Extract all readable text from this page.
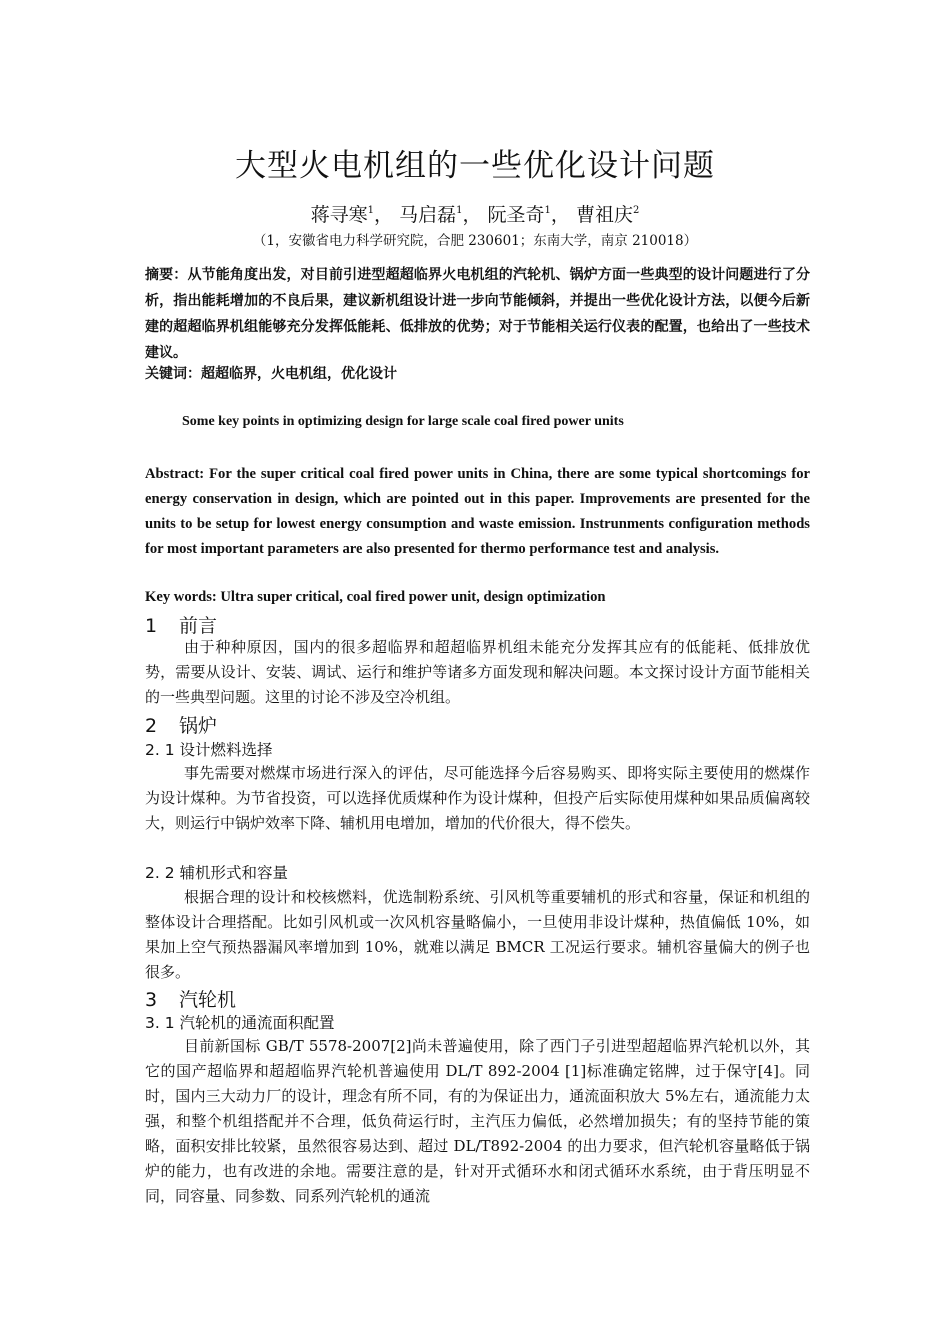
大型火电机组的一些优化设计问题
蒋寻寒$^1$， 马启磊$^1$， 阮圣奇$^1$， 曹祖庆$^2$
（1，安徽省电力科学研究院，合肥 230601；东南大学，南京 210018）
摘要：从节能角度出发，对目前引进型超超临界火电机组的汽轮机、锅炉方面一些典型的设计问题进行了分析，指出能耗增加的不良后果，建议新机组设计进一步向节能倾斜，并提出一些优化设计方法，以便今后新建的超超临界机组能够充分发挥低能耗、低排放的优势；对于节能相关运行仪表的配置，也给出了一些技术建议。
关键词：超超临界，火电机组，优化设计
Some key points in optimizing design for large scale coal fired power units
Abstract: For the super critical coal fired power units in China, there are some typical shortcomings for energy conservation in design, which are pointed out in this paper. Improvements are presented for the units to be setup for lowest energy consumption and waste emission. Instrunments configuration methods for most important parameters are also presented for thermo performance test and analysis.
Key words: Ultra super critical, coal fired power unit, design optimization
1 前言
由于种种原因，国内的很多超临界和超超临界机组未能充分发挥其应有的低能耗、低排放优势，需要从设计、安装、调试、运行和维护等诸多方面发现和解决问题。本文探讨设计方面节能相关的一些典型问题。这里的讨论不涉及空冷机组。
2 锅炉
2. 1 设计燃料选择
事先需要对燃煤市场进行深入的评估，尽可能选择今后容易购买、即将实际主要使用的燃煤作为设计煤种。为节省投资，可以选择优质煤种作为设计煤种，但投产后实际使用煤种如果品质偏离较大，则运行中锅炉效率下降、辅机用电增加，增加的代价很大，得不偿失。
2. 2 辅机形式和容量
根据合理的设计和校核燃料，优选制粉系统、引风机等重要辅机的形式和容量，保证和机组的整体设计合理搭配。比如引风机或一次风机容量略偏小，一旦使用非设计煤种，热值偏低 10%，如果加上空气预热器漏风率增加到 10%，就难以满足 BMCR 工况运行要求。辅机容量偏大的例子也很多。
3 汽轮机
3. 1 汽轮机的通流面积配置
目前新国标 GB/T 5578-2007[2]尚未普遍使用，除了西门子引进型超超临界汽轮机以外，其它的国产超临界和超超临界汽轮机普遍使用 DL/T 892-2004 [1]标准确定铭牌，过于保守[4]。同时，国内三大动力厂的设计，理念有所不同，有的为保证出力，通流面积放大 5%左右，通流能力太强，和整个机组搭配并不合理，低负荷运行时，主汽压力偏低，必然增加损失；有的坚持节能的策略，面积安排比较紧，虽然很容易达到、超过 DL/T892-2004 的出力要求，但汽轮机容量略低于锅炉的能力，也有改进的余地。需要注意的是，针对开式循环水和闭式循环水系统，由于背压明显不同，同容量、同参数、同系列汽轮机的通流
